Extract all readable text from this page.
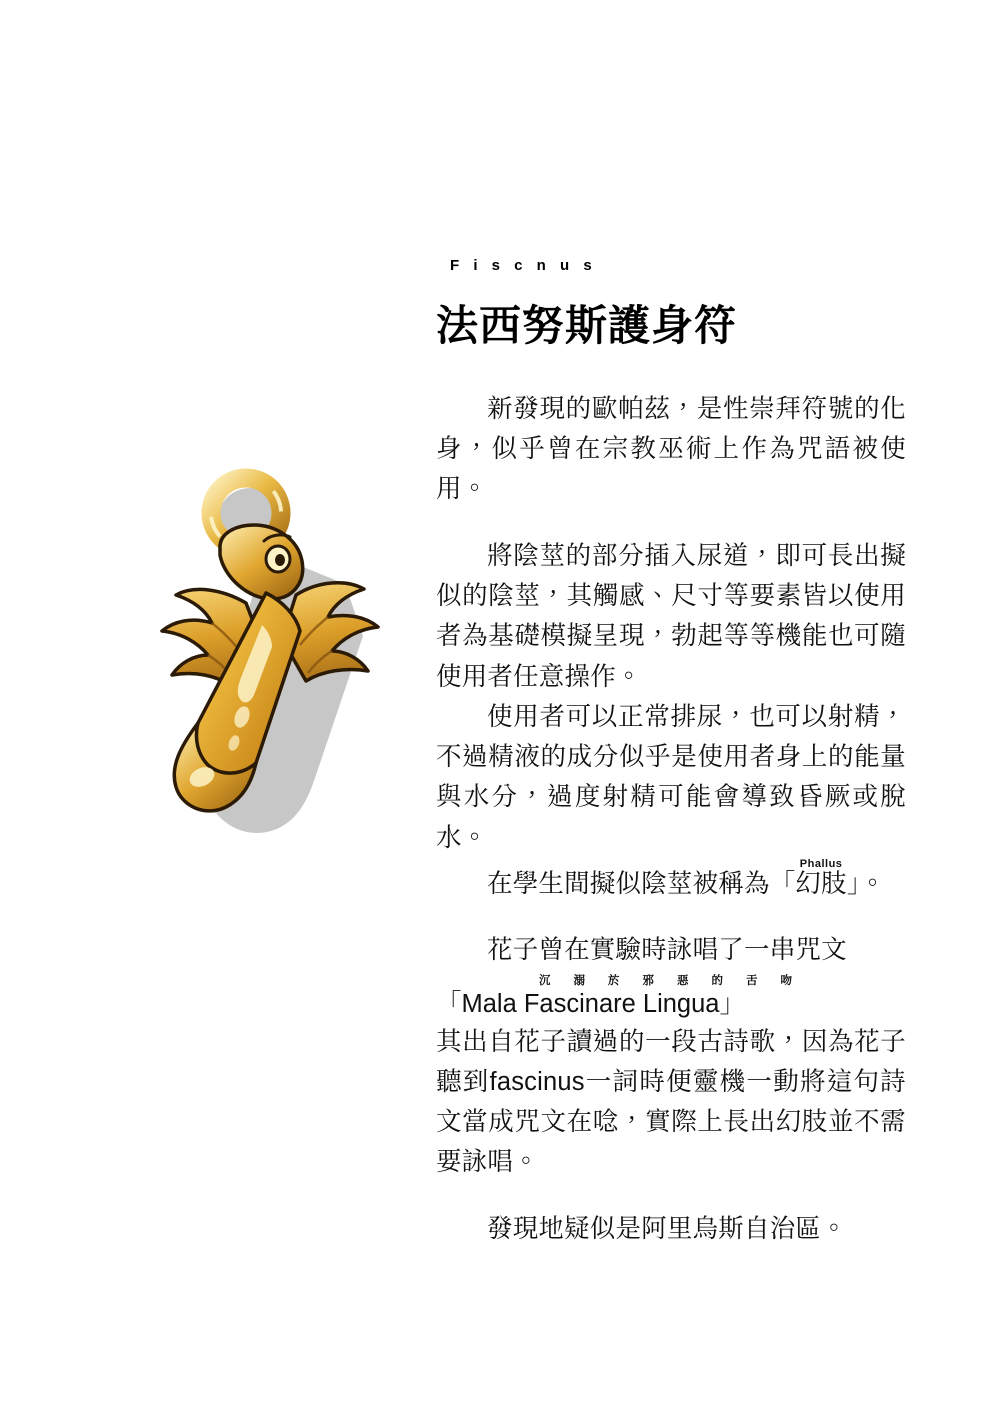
F i s c n u s
法西努斯護身符

新發現的歐帕茲，是性崇拜符號的化身，似乎曾在宗教巫術上作為咒語被使用。

將陰莖的部分插入尿道，即可長出擬似的陰莖，其觸感、尺寸等要素皆以使用者為基礎模擬呈現，勃起等等機能也可隨使用者任意操作。

使用者可以正常排尿，也可以射精，不過精液的成分似乎是使用者身上的能量與水分，過度射精可能會導致昏厥或脫水。

在學生間擬似陰莖被稱為「幻肢Phallus」。

花子曾在實驗時詠唱了一串咒文

沉 溺 於 邪 惡 的 舌 吻
「Mala Fascinare Lingua」

其出自花子讀過的一段古詩歌，因為花子聽到fascinus一詞時便靈機一動將這句詩文當成咒文在唸，實際上長出幻肢並不需要詠唱。

發現地疑似是阿里烏斯自治區。
